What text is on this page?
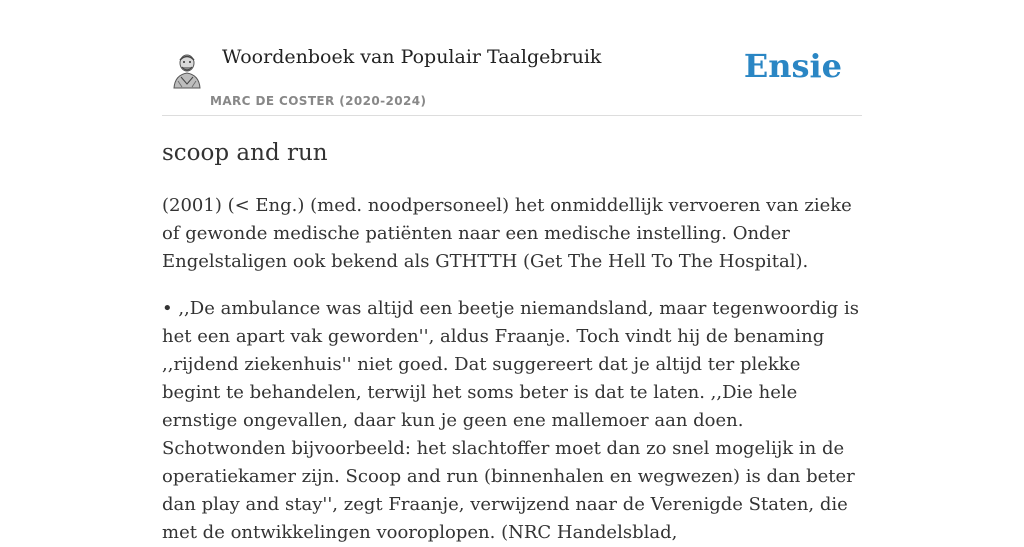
Woordenboek van Populair Taalgebruik
MARC DE COSTER (2020-2024)
Ensie
scoop and run

(2001) (< Eng.) (med. noodpersoneel) het onmiddellijk vervoeren van zieke of gewonde medische patiënten naar een medische instelling. Onder Engelstaligen ook bekend als GTHTTH (Get The Hell To The Hospital).

• ,,De ambulance was altijd een beetje niemandsland, maar tegenwoordig is het een apart vak geworden'', aldus Fraanje. Toch vindt hij de benaming ,,rijdend ziekenhuis'' niet goed. Dat suggereert dat je altijd ter plekke begint te behandelen, terwijl het soms beter is dat te laten. ,,Die hele ernstige ongevallen, daar kun je geen ene mallemoer aan doen. Schotwonden bijvoorbeeld: het slachtoffer moet dan zo snel mogelijk in de operatiekamer zijn. Scoop and run (binnenhalen en wegwezen) is dan beter dan play and stay'', zegt Fraanje, verwijzend naar de Verenigde Staten, die met de ontwikkelingen vooroplopen. (NRC Handelsblad,
